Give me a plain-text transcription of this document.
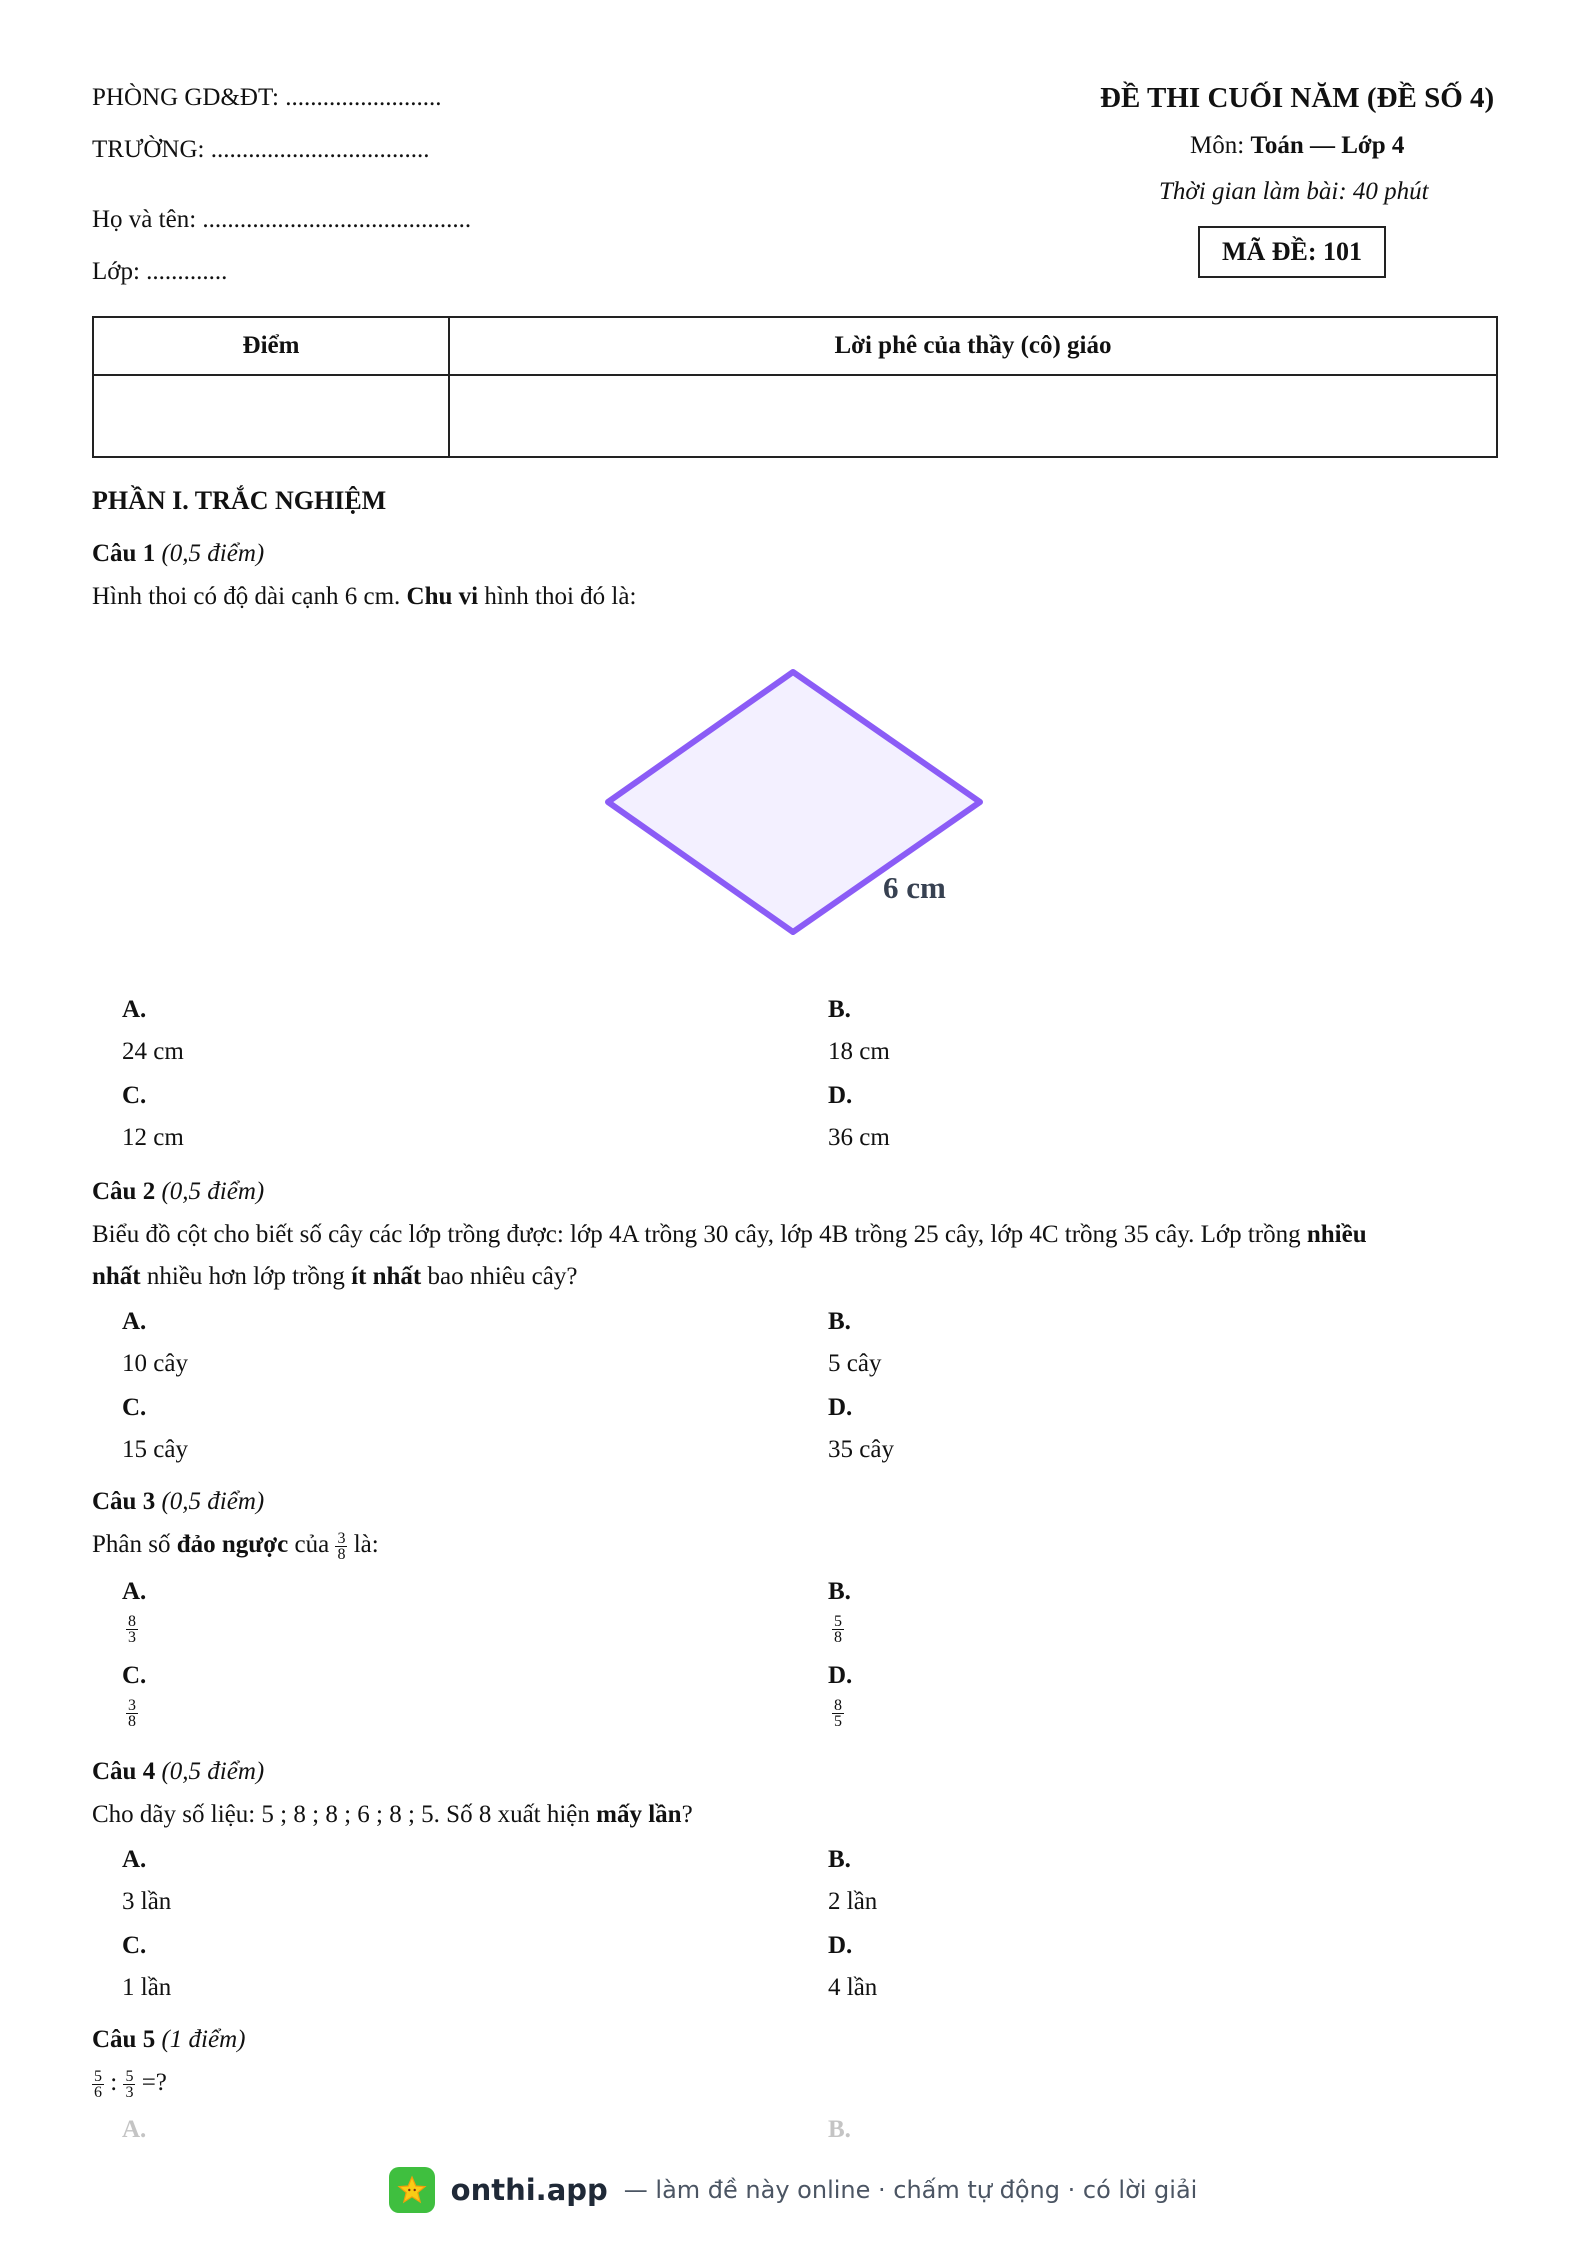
PHÒNG GD&ĐT: .........................
TRƯỜNG: ...................................
Họ và tên: ...........................................
Lớp: .............
ĐỀ THI CUỐI NĂM (ĐỀ SỐ 4)
Môn: Toán — Lớp 4
Thời gian làm bài: 40 phút
MÃ ĐỀ: 101
Điểm	Lời phê của thầy (cô) giáo

PHẦN I. TRẮC NGHIỆM
Câu 1 (0,5 điểm)
Hình thoi có độ dài cạnh 6 cm. Chu vi hình thoi đó là:
6 cm
A.
24 cm
B.
18 cm
C.
12 cm
D.
36 cm
Câu 2 (0,5 điểm)
Biểu đồ cột cho biết số cây các lớp trồng được: lớp 4A trồng 30 cây, lớp 4B trồng 25 cây, lớp 4C trồng 35 cây. Lớp trồng nhiều
nhất nhiều hơn lớp trồng ít nhất bao nhiêu cây?
A.
10 cây
B.
5 cây
C.
15 cây
D.
35 cây
Câu 3 (0,5 điểm)
Phân số đảo ngược của $\frac{3}{8}$ là:
A.
$\frac{8}{3}$
B.
$\frac{5}{8}$
C.
$\frac{3}{8}$
D.
$\frac{8}{5}$
Câu 4 (0,5 điểm)
Cho dãy số liệu: 5 ; 8 ; 8 ; 6 ; 8 ; 5. Số 8 xuất hiện mấy lần?
A.
3 lần
B.
2 lần
C.
1 lần
D.
4 lần
Câu 5 (1 điểm)
$\frac{5}{6}$ : $\frac{5}{3}$ =?
A.	B.
onthi.app — làm đề này online · chấm tự động · có lời giải
